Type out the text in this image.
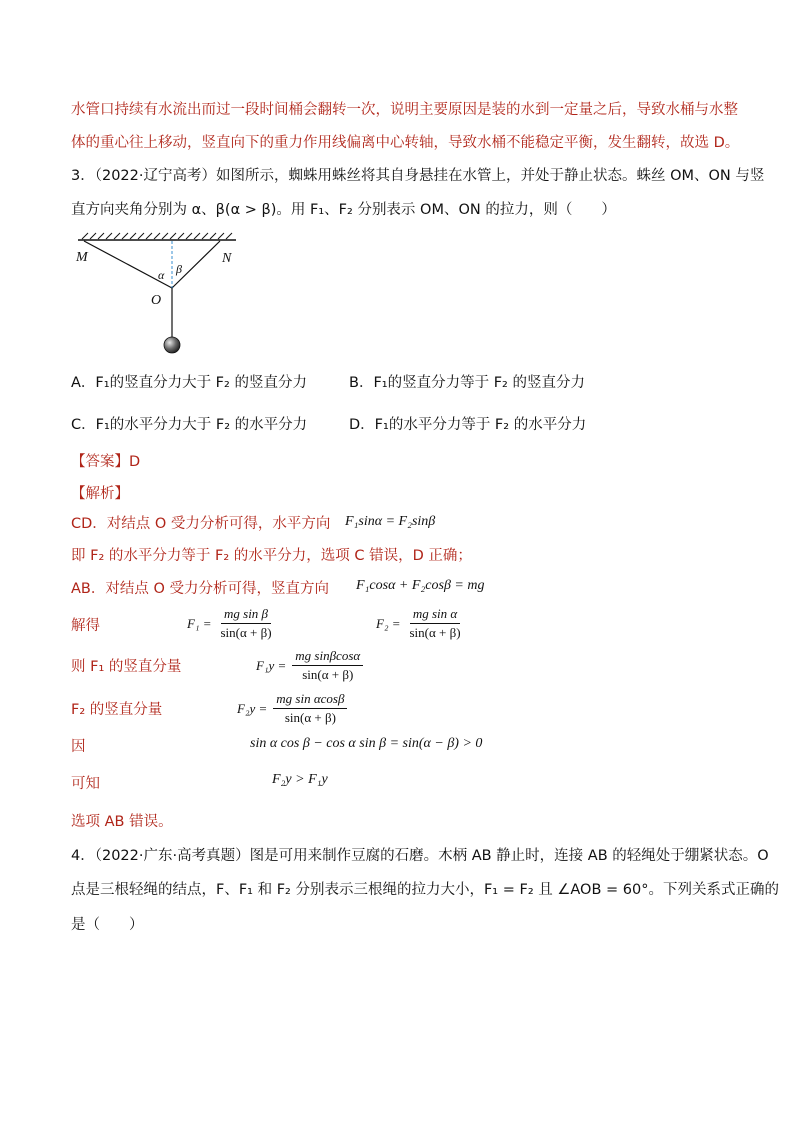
水管口持续有水流出而过一段时间桶会翻转一次，说明主要原因是装的水到一定量之后，导致水桶与水整
体的重心往上移动，竖直向下的重力作用线偏离中心转轴，导致水桶不能稳定平衡，发生翻转，故选 D。
3．（2022·辽宁高考）如图所示，蜘蛛用蛛丝将其自身悬挂在水管上，并处于静止状态。蛛丝 OM、ON 与竖
直方向夹角分别为 α、β(α > β)。用 F₁、F₂ 分别表示 OM、ON 的拉力，则（　　）
M	N
O
α β
A．F₁的竖直分力大于 F₂ 的竖直分力	B．F₁的竖直分力等于 F₂ 的竖直分力
C．F₁的水平分力大于 F₂ 的水平分力	D．F₁的水平分力等于 F₂ 的水平分力
【答案】D
【解析】
CD．对结点 O 受力分析可得，水平方向 F₁sinα = F₂sinβ
即 F₂ 的水平分力等于 F₂ 的水平分力，选项 C 错误，D 正确；
AB．对结点 O 受力分析可得，竖直方向 F₁cosα + F₂cosβ = mg
解得	$F_1 = \frac{\text{mg sin β}}{\sin(\alpha + \beta)}$	$F_2 = \frac{\text{mg sin α}}{\sin(\alpha + \beta)}$
则 F₁ 的竖直分量	$F_1y = \frac{\text{mg sinβcosα}}{\sin(\alpha + \beta)}$
F₂ 的竖直分量	$F_2y = \frac{\text{mg sin αcosβ}}{\sin(\alpha + \beta)}$
因	sin α cos β − cos α sin β = sin(α − β) > 0
可知	F₂y > F₁y
选项 AB 错误。
4．（2022·广东·高考真题）图是可用来制作豆腐的石磨。木柄 AB 静止时，连接 AB 的轻绳处于绷紧状态。O
点是三根轻绳的结点，F、F₁ 和 F₂ 分别表示三根绳的拉力大小，F₁ = F₂ 且 ∠AOB = 60°。下列关系式正确的
是（　　）
